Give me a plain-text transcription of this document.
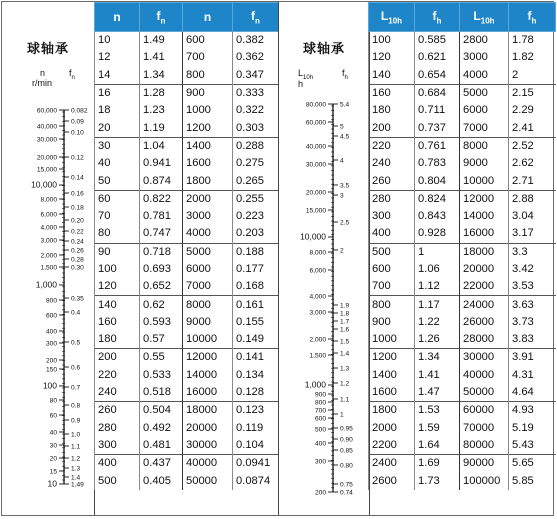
球轴承
n
r/min
$f_n$
60,000
40,000
30,000
20,000
15,000
10,000
8,000
6,000
4,000
3,000
2,000
1,500
1,000
800
600
400
300
200
150
100
80
60
40
30
20
15
10
0.082
0.09
0.10
0.12
0.14
0.16
0.18
0.20
0.22
0.24
0.26
0.28
0.30
0.35
0.4
0.5
0.6
0.7
0.8
0.9
1.0
1.1
1.2
1.3
1.4
1.49
n	$f_n$	n	$f_n$
10	1.49	600	0.382
12	1.41	700	0.362
14	1.34	800	0.347
16	1.28	900	0.333
18	1.23	1000	0.322
20	1.19	1200	0.303
30	1.04	1400	0.288
40	0.941	1600	0.275
50	0.874	1800	0.265
60	0.822	2000	0.255
70	0.781	3000	0.223
80	0.747	4000	0.203
90	0.718	5000	0.188
100	0.693	6000	0.177
120	0.652	7000	0.168
140	0.62	8000	0.161
160	0.593	9000	0.155
180	0.57	10000	0.149
200	0.55	12000	0.141
220	0.533	14000	0.134
240	0.518	16000	0.128
260	0.504	18000	0.123
280	0.492	20000	0.119
300	0.481	30000	0.104
400	0.437	40000	0.0941
500	0.405	50000	0.0874
球轴承
$L_{10h}$
h
$f_h$
80,000
60,000
40,000
30,000
20,000
15,000
10,000
8,000
6,000
4,000
3,000
2,000
1,500
1,000
900
800
700
600
500
400
300
200
5.4
5
4.5
4
3.5
3
2.5
2
1.9
1.8
1.7
1.6
1.5
1.4
1.3
1.2
1.1
1
0.95
0.90
0.85
0.80
0.75
0.74
$L_{10h}$	$f_h$	$L_{10h}$	$f_h$
100	0.585	2800	1.78
120	0.621	3000	1.82
140	0.654	4000	2
160	0.684	5000	2.15
180	0.711	6000	2.29
200	0.737	7000	2.41
220	0.761	8000	2.52
240	0.783	9000	2.62
260	0.804	10000	2.71
280	0.824	12000	2.88
300	0.843	14000	3.04
400	0.928	16000	3.17
500	1	18000	3.3
600	1.06	20000	3.42
700	1.12	22000	3.53
800	1.17	24000	3.63
900	1.22	26000	3.73
1000	1.26	28000	3.83
1200	1.34	30000	3.91
1400	1.41	40000	4.31
1600	1.47	50000	4.64
1800	1.53	60000	4.93
2000	1.59	70000	5.19
2200	1.64	80000	5.43
2400	1.69	90000	5.65
2600	1.73	100000	5.85
